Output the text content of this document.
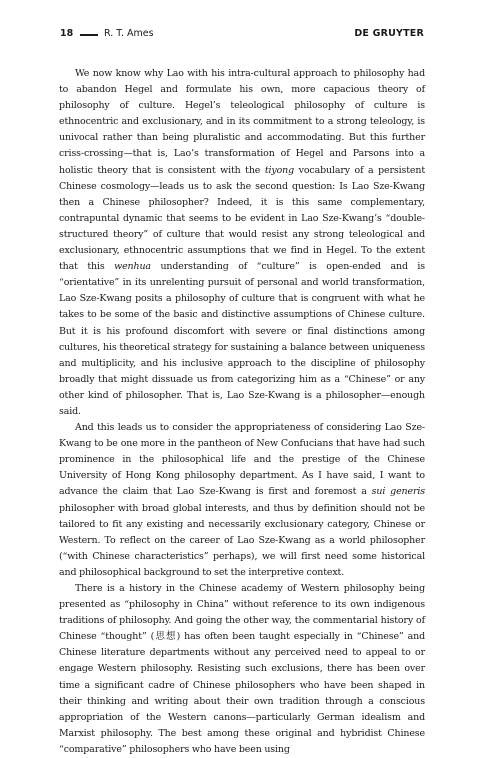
18	R. T. Ames	DE GRUYTER

We now know why Lao with his intra-cultural approach to philosophy had to abandon Hegel and formulate his own, more capacious theory of philosophy of culture. Hegel’s teleological philosophy of culture is ethnocentric and exclusionary, and in its commitment to a strong teleology, is univocal rather than being pluralistic and accommodating. But this further criss-crossing—that is, Lao’s transformation of Hegel and Parsons into a holistic theory that is consistent with the tiyong vocabulary of a persistent Chinese cosmology—leads us to ask the second question: Is Lao Sze-Kwang then a Chinese philosopher? Indeed, it is this same complementary, contrapuntal dynamic that seems to be evident in Lao Sze-Kwang’s “double-structured theory” of culture that would resist any strong teleological and exclusionary, ethnocentric assumptions that we find in Hegel. To the extent that this wenhua understanding of “culture” is open-ended and is “orientative” in its unrelenting pursuit of personal and world transformation, Lao Sze-Kwang posits a philosophy of culture that is congruent with what he takes to be some of the basic and distinctive assumptions of Chinese culture. But it is his profound discomfort with severe or final distinctions among cultures, his theoretical strategy for sustaining a balance between uniqueness and multiplicity, and his inclusive approach to the discipline of philosophy broadly that might dissuade us from categorizing him as a “Chinese” or any other kind of philosopher. That is, Lao Sze-Kwang is a philosopher—enough said.

And this leads us to consider the appropriateness of considering Lao Sze-Kwang to be one more in the pantheon of New Confucians that have had such prominence in the philosophical life and the prestige of the Chinese University of Hong Kong philosophy department. As I have said, I want to advance the claim that Lao Sze-Kwang is first and foremost a sui generis philosopher with broad global interests, and thus by definition should not be tailored to fit any existing and necessarily exclusionary category, Chinese or Western. To reflect on the career of Lao Sze-Kwang as a world philosopher (“with Chinese characteristics” perhaps), we will first need some historical and philosophical background to set the interpretive context.

There is a history in the Chinese academy of Western philosophy being presented as “philosophy in China” without reference to its own indigenous traditions of philosophy. And going the other way, the commentarial history of Chinese “thought” (思想) has often been taught especially in “Chinese” and Chinese literature departments without any perceived need to appeal to or engage Western philosophy. Resisting such exclusions, there has been over time a significant cadre of Chinese philosophers who have been shaped in their thinking and writing about their own tradition through a conscious appropriation of the Western canons—particularly German idealism and Marxist philosophy. The best among these original and hybridist Chinese “comparative” philosophers who have been using
